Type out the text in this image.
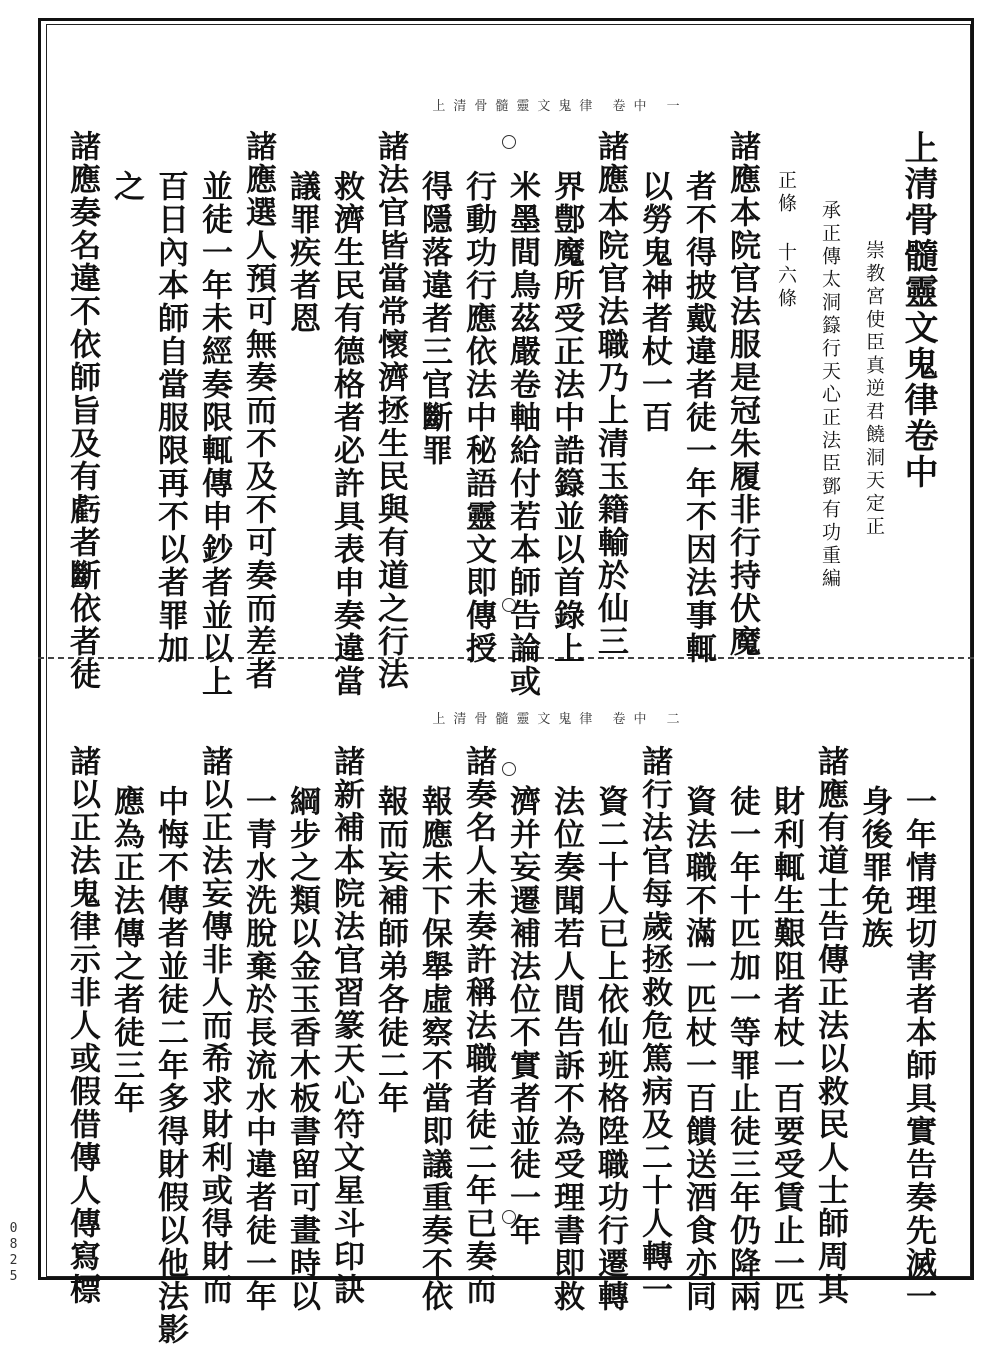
上清骨髓靈文鬼律 卷中 一
上清骨髓靈文鬼律卷中
崇教宮使臣真逆君饒洞天定正
承正傳太洞籙行天心正法臣鄧有功重編
正條 十六條
諸應本院官法服是冠朱履非行持伏魔
者不得披戴違者徒一年不因法事輒
以勞鬼神者杖一百
諸應本院官法職乃上清玉籍輸於仙三
界鄷魔所受正法中誥籙並以首錄上
米墨間鳥茲嚴卷軸給付若本師告論或
行動功行應依法中秘語靈文即傳授
得隱落違者三官斷罪
諸法官皆當常懷濟拯生民與有道之行法
救濟生民有德格者必許具表申奏違當
議罪疾者恩
諸應選人預可無奏而不及不可奏而差者
並徒一年未經奏限輒傳申鈔者並以上
百日內本師自當服限再不以者罪加
之
諸應奏名違不依師旨及有虧者斷依者徒
上清骨髓靈文鬼律 卷中 二
一年情理切害者本師具實告奏先滅一
身後罪免族
諸應有道士告傳正法以救民人士師周其
財利輒生艱阻者杖一百要受賃止一匹
徒一年十匹加一等罪止徒三年仍降兩
資法職不滿一匹杖一百饋送酒食亦同
諸行法官每歲拯救危篤病及二十人轉一
資二十人已上依仙班格陞職功行遷轉
法位奏聞若人間告訴不為受理書即救
濟并妄遷補法位不實者並徒一年
諸奏名人未奏許稱法職者徒二年已奏而
報應未下保舉虛察不當即議重奏不依
報而妄補師弟各徒二年
諸新補本院法官習篆天心符文星斗印訣
綱步之類以金玉香木板書留可畫時以
一青水洗脫棄於長流水中違者徒一年
諸以正法妄傳非人而希求財利或得財而
中悔不傳者並徒二年多得財假以他法影
應為正法傳之者徒三年
諸以正法鬼律示非人或假借傳人傳寫標
0825
